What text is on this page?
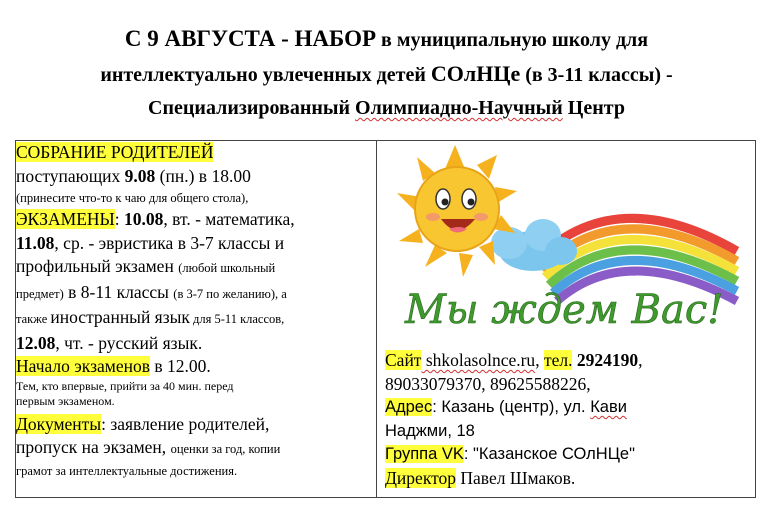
С 9 АВГУСТА - НАБОР в муниципальную школу для
интеллектуально увлеченных детей СОлНЦе (в 3-11 классы) -
Специализированный Олимпиадно-Научный Центр
СОБРАНИЕ РОДИТЕЛЕЙ
поступающих 9.08 (пн.) в 18.00
(принесите что-то к чаю для общего стола),
ЭКЗАМЕНЫ: 10.08, вт. - математика,
11.08, ср. - эвристика в 3-7 классы и
профильный экзамен (любой школьный
предмет) в 8-11 классы (в 3-7 по желанию), а
также иностранный язык для 5-11 классов,
12.08, чт. - русский язык.
Начало экзаменов в 12.00.
Тем, кто впервые, прийти за 40 мин. перед
первым экзаменом.
Документы: заявление родителей,
пропуск на экзамен, оценки за год, копии
грамот за интеллектуальные достижения.

Мы ждем Вас!
Сайт shkolasolnce.ru, тел. 2924190,
89033079370, 89625588226,
Адрес: Казань (центр), ул. Кави
Наджми, 18
Группа VK: "Казанское СОлНЦе"
Директор Павел Шмаков.
